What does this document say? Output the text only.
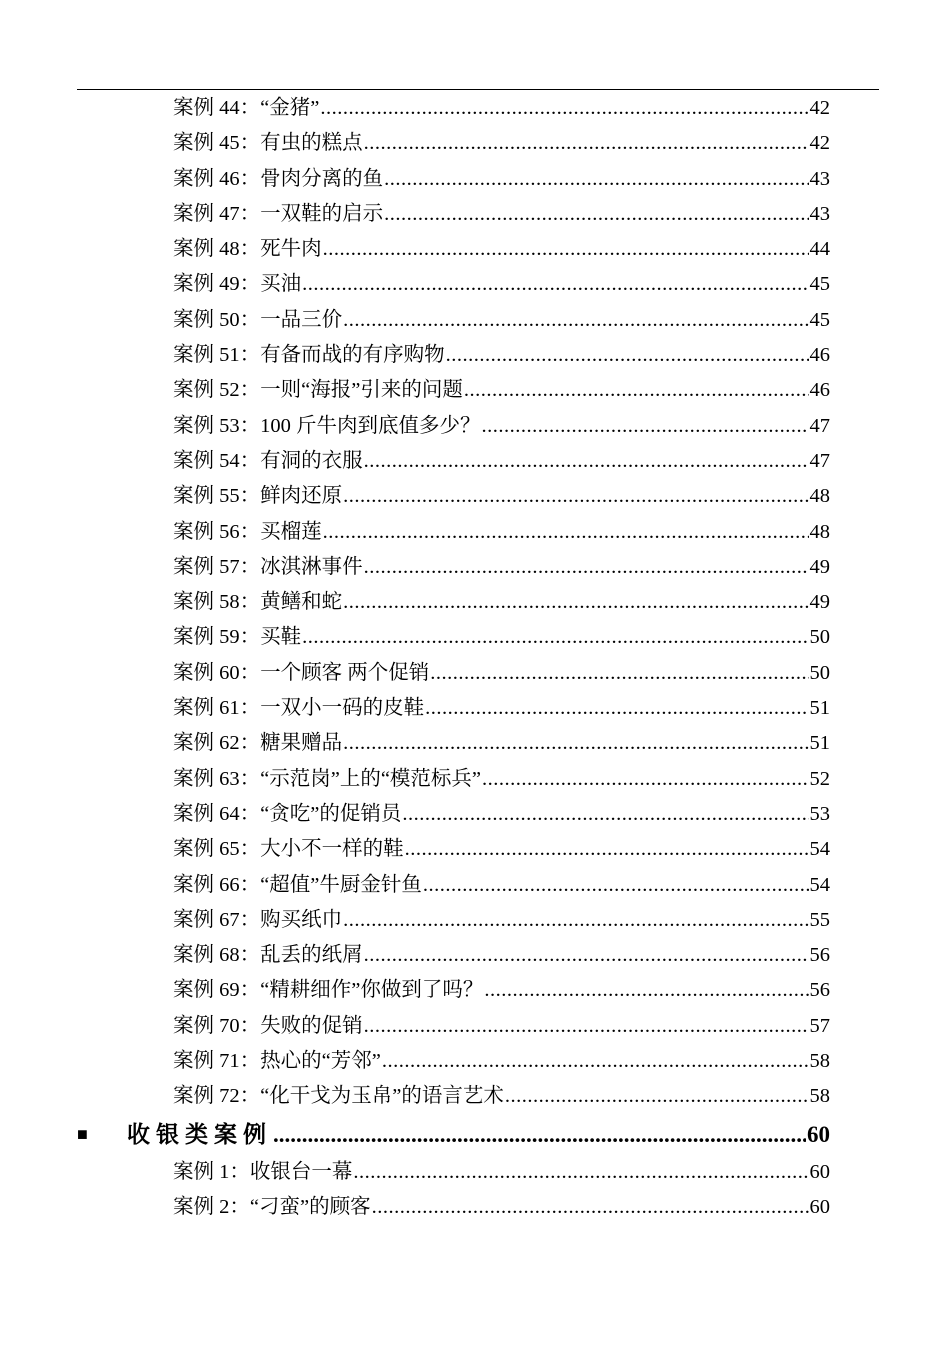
案例 44：“金猪” .....	42
案例 45：有虫的糕点 .....	42
案例 46：骨肉分离的鱼 .....	43
案例 47：一双鞋的启示 .....	43
案例 48：死牛肉 .....	44
案例 49：买油 .....	45
案例 50：一品三价 .....	45
案例 51：有备而战的有序购物 .....	46
案例 52：一则“海报”引来的问题 .....	46
案例 53：100 斤牛肉到底值多少？ .....	47
案例 54：有洞的衣服 .....	47
案例 55：鲜肉还原 .....	48
案例 56：买榴莲 .....	48
案例 57：冰淇淋事件 .....	49
案例 58：黄鳝和蛇 .....	49
案例 59：买鞋 .....	50
案例 60：一个顾客 两个促销 .....	50
案例 61：一双小一码的皮鞋 .....	51
案例 62：糖果赠品 .....	51
案例 63：“示范岗”上的“模范标兵” .....	52
案例 64：“贪吃”的促销员 .....	53
案例 65：大小不一样的鞋 .....	54
案例 66：“超值”牛厨金针鱼 .....	54
案例 67：购买纸巾 .....	55
案例 68：乱丢的纸屑 .....	56
案例 69：“精耕细作”你做到了吗？ .....	56
案例 70：失败的促销 .....	57
案例 71：热心的“芳邻” .....	58
案例 72：“化干戈为玉帛”的语言艺术 .....	58
■	收银类案例 .....	60
案例 1：收银台一幕 .....	60
案例 2：“刁蛮”的顾客 .....	60
